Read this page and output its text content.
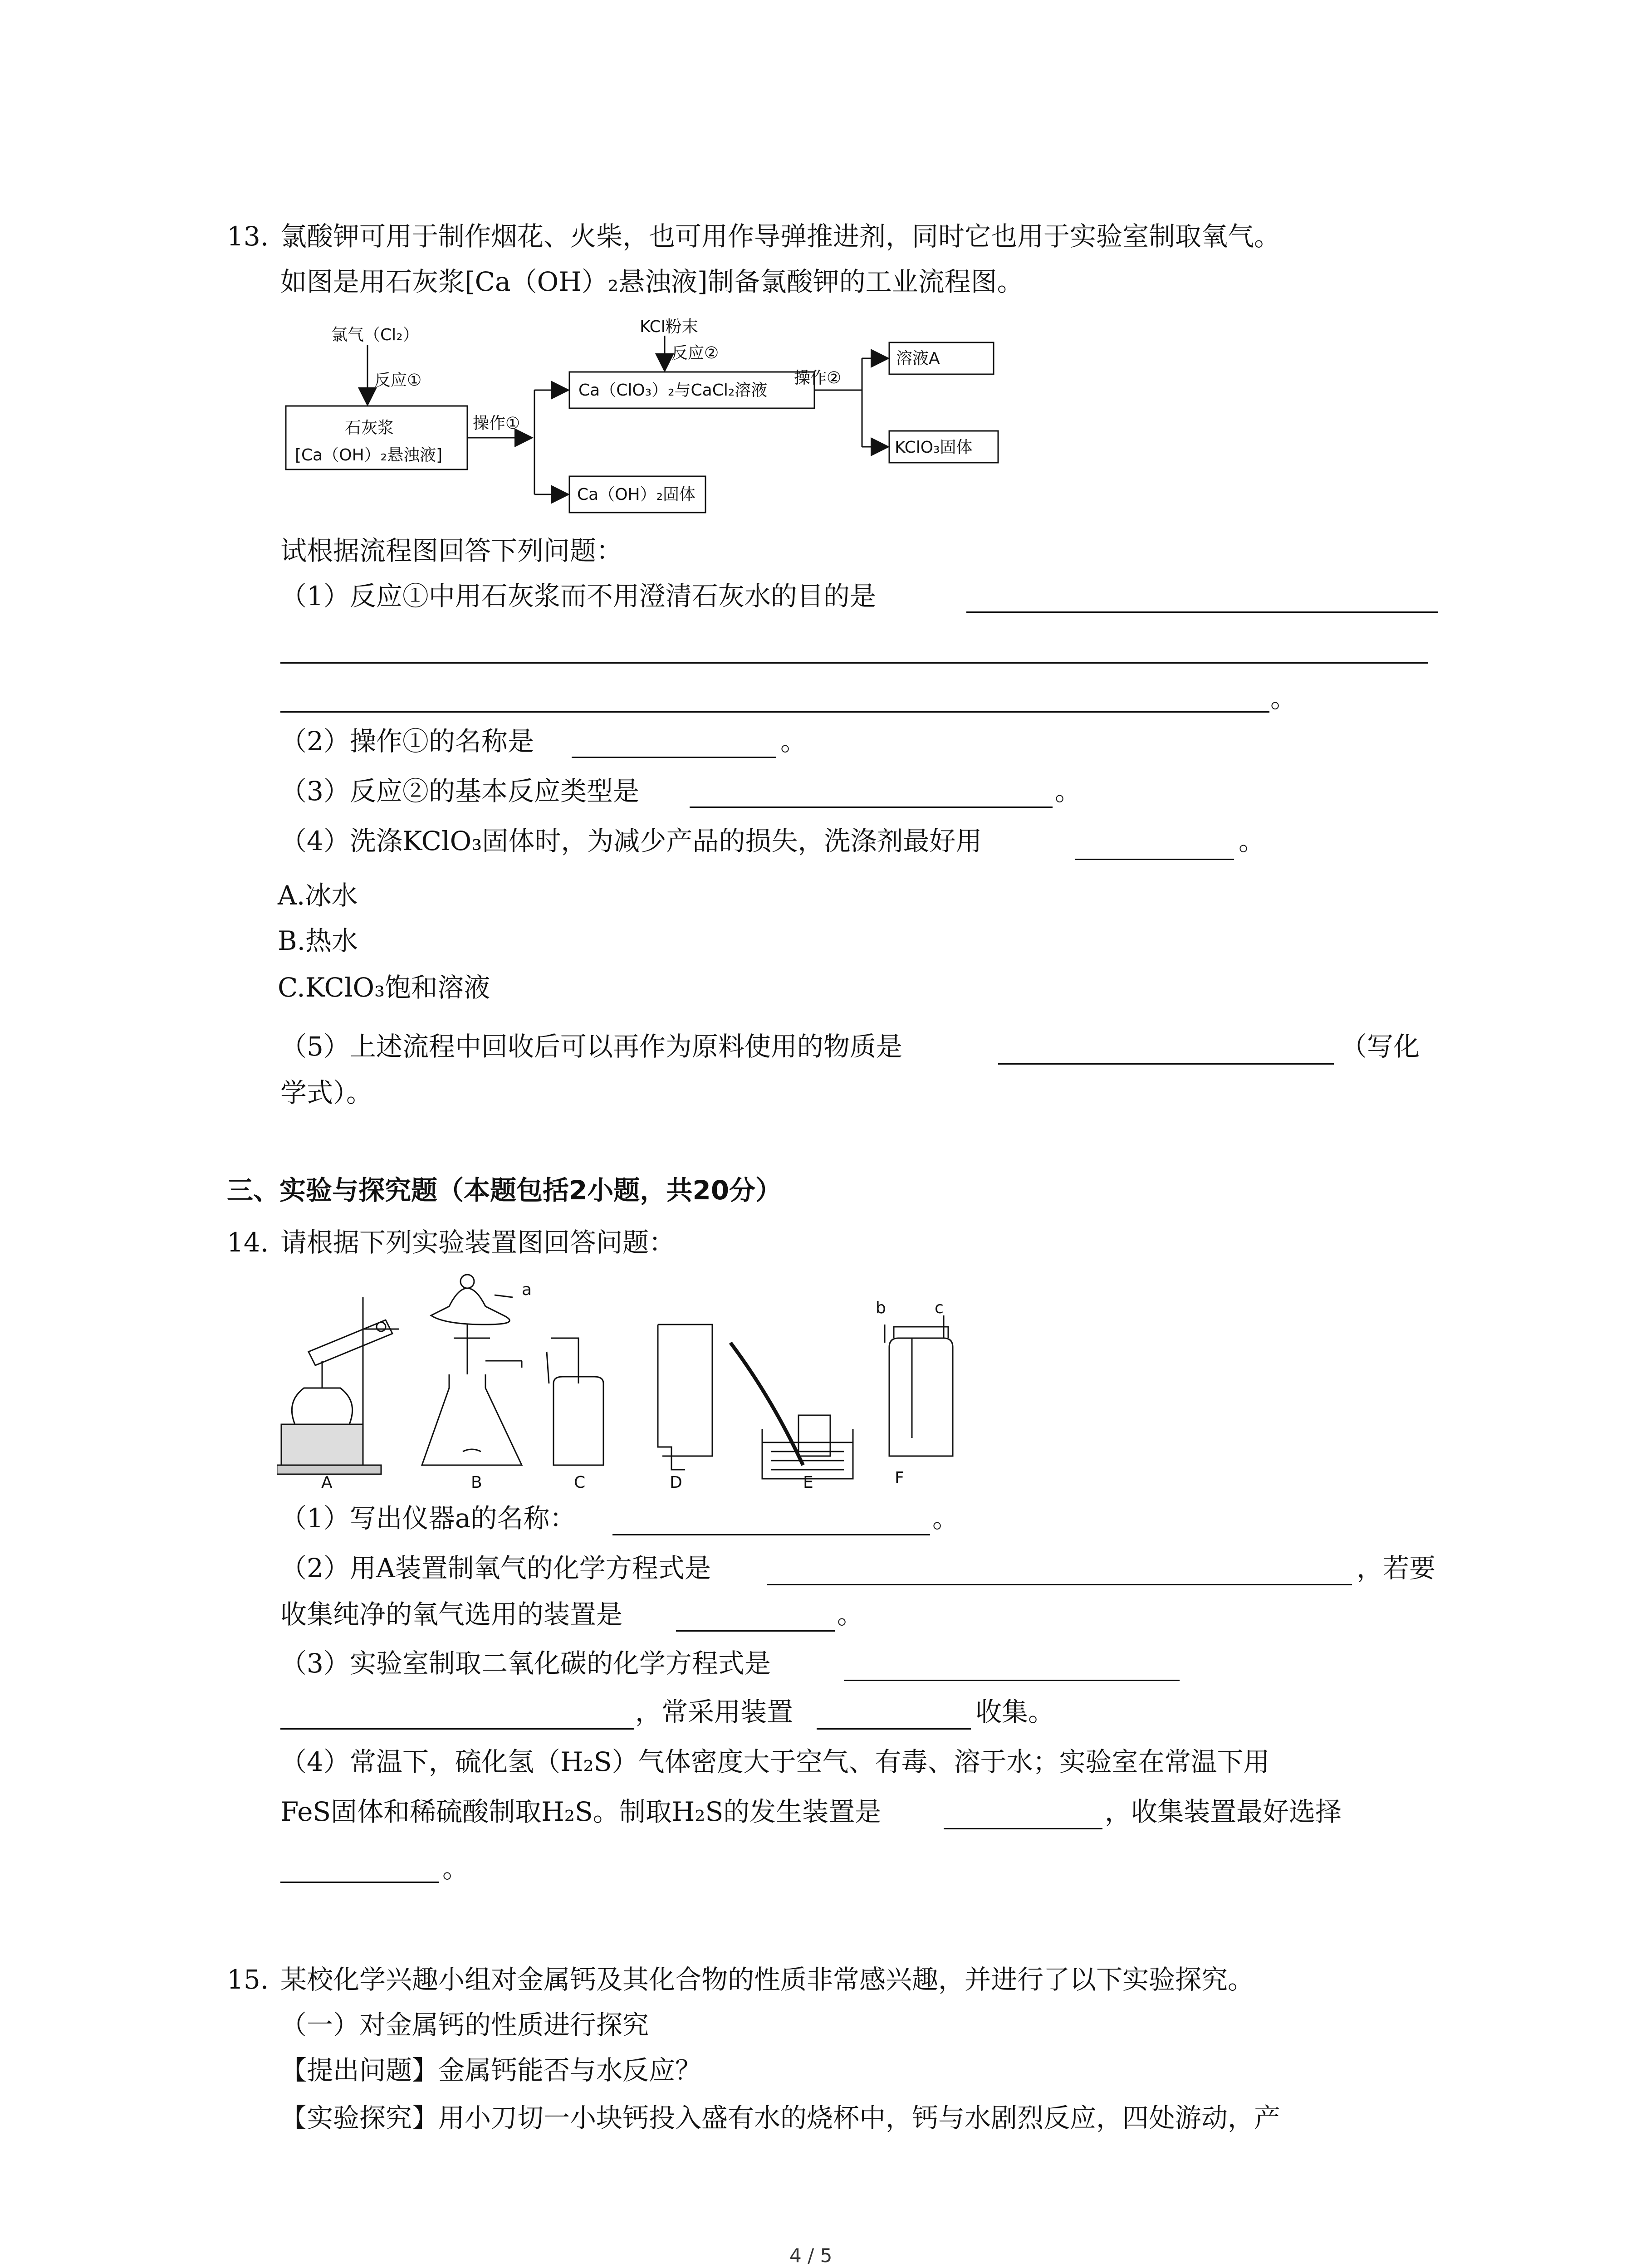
13. 氯酸钾可用于制作烟花、火柴，也可用作导弹推进剂，同时它也用于实验室制取氧气。
如图是用石灰浆[Ca（OH）₂悬浊液]制备氯酸钾的工业流程图。
氯气（Cl₂）
反应①
石灰浆
[Ca（OH）₂悬浊液]
操作①
Ca（ClO₃）₂与CaCl₂溶液
Ca（OH）₂固体
KCl粉末
反应②
操作②
溶液A
KClO₃固体
试根据流程图回答下列问题：
（1）反应①中用石灰浆而不用澄清石灰水的目的是
。
（2）操作①的名称是	。
（3）反应②的基本反应类型是	。
（4）洗涤KClO₃固体时，为减少产品的损失，洗涤剂最好用	。
A.冰水
B.热水
C.KClO₃饱和溶液
（5）上述流程中回收后可以再作为原料使用的物质是	（写化
学式）。
三、实验与探究题（本题包括2小题，共20分）
14. 请根据下列实验装置图回答问题：
a
b	c
A	B	C	D	E	F
（1）写出仪器a的名称：	。
（2）用A装置制氧气的化学方程式是	，若要
收集纯净的氧气选用的装置是	。
（3）实验室制取二氧化碳的化学方程式是
，常采用装置	收集。
（4）常温下，硫化氢（H₂S）气体密度大于空气、有毒、溶于水；实验室在常温下用
FeS固体和稀硫酸制取H₂S。制取H₂S的发生装置是	，收集装置最好选择
。
15. 某校化学兴趣小组对金属钙及其化合物的性质非常感兴趣，并进行了以下实验探究。
（一）对金属钙的性质进行探究
【提出问题】金属钙能否与水反应？
【实验探究】用小刀切一小块钙投入盛有水的烧杯中，钙与水剧烈反应，四处游动，产
4 / 5
